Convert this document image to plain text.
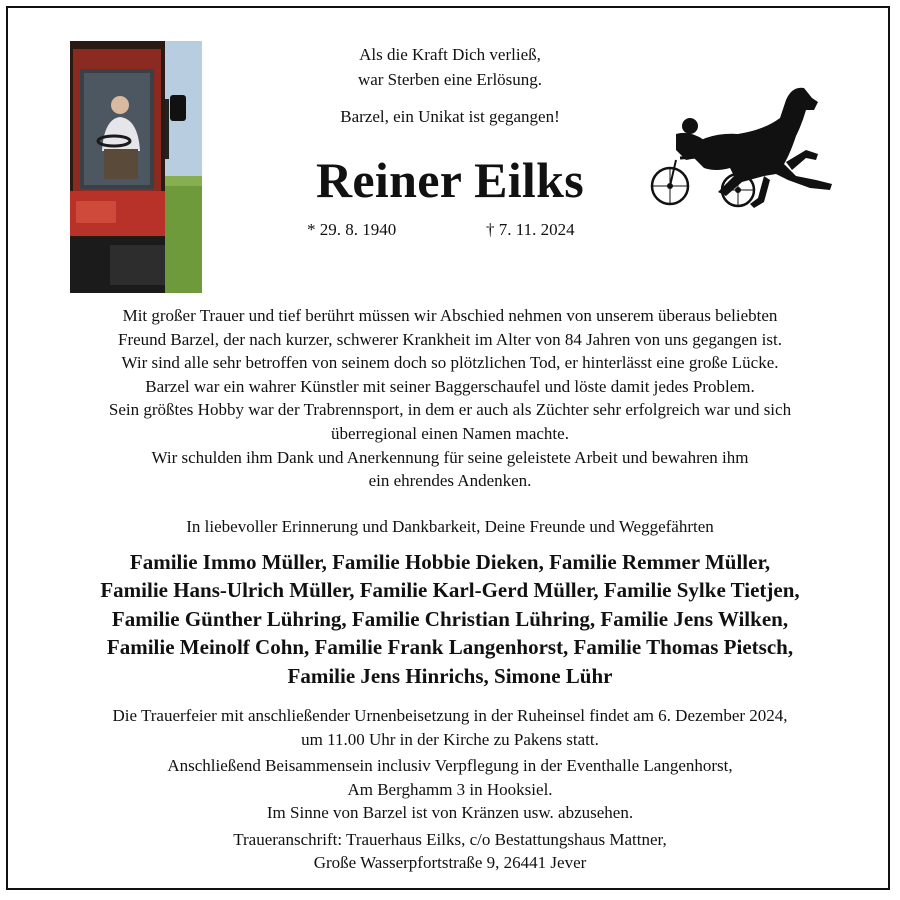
Als die Kraft Dich verließ,

war Sterben eine Erlösung.

Barzel, ein Unikat ist gegangen!
Reiner Eilks
* 29. 8. 1940	† 7. 11. 2024
Mit großer Trauer und tief berührt müssen wir Abschied nehmen von unserem überaus beliebten
Freund Barzel, der nach kurzer, schwerer Krankheit im Alter von 84 Jahren von uns gegangen ist.
Wir sind alle sehr betroffen von seinem doch so plötzlichen Tod, er hinterlässt eine große Lücke.
Barzel war ein wahrer Künstler mit seiner Baggerschaufel und löste damit jedes Problem.
Sein größtes Hobby war der Trabrennsport, in dem er auch als Züchter sehr erfolgreich war und sich
überregional einen Namen machte.
Wir schulden ihm Dank und Anerkennung für seine geleistete Arbeit und bewahren ihm
ein ehrendes Andenken.
In liebevoller Erinnerung und Dankbarkeit, Deine Freunde und Weggefährten
Familie Immo Müller, Familie Hobbie Dieken, Familie Remmer Müller,
Familie Hans-Ulrich Müller, Familie Karl-Gerd Müller, Familie Sylke Tietjen,
Familie Günther Lühring, Familie Christian Lühring, Familie Jens Wilken,
Familie Meinolf Cohn, Familie Frank Langenhorst, Familie Thomas Pietsch,
Familie Jens Hinrichs, Simone Lühr
Die Trauerfeier mit anschließender Urnenbeisetzung in der Ruheinsel findet am 6. Dezember 2024,
um 11.00 Uhr in der Kirche zu Pakens statt.
Anschließend Beisammensein inclusiv Verpflegung in der Eventhalle Langenhorst,
Am Berghamm 3 in Hooksiel.
Im Sinne von Barzel ist von Kränzen usw. abzusehen.
Traueranschrift: Trauerhaus Eilks, c/o Bestattungshaus Mattner,
Große Wasserpfortstraße 9, 26441 Jever
